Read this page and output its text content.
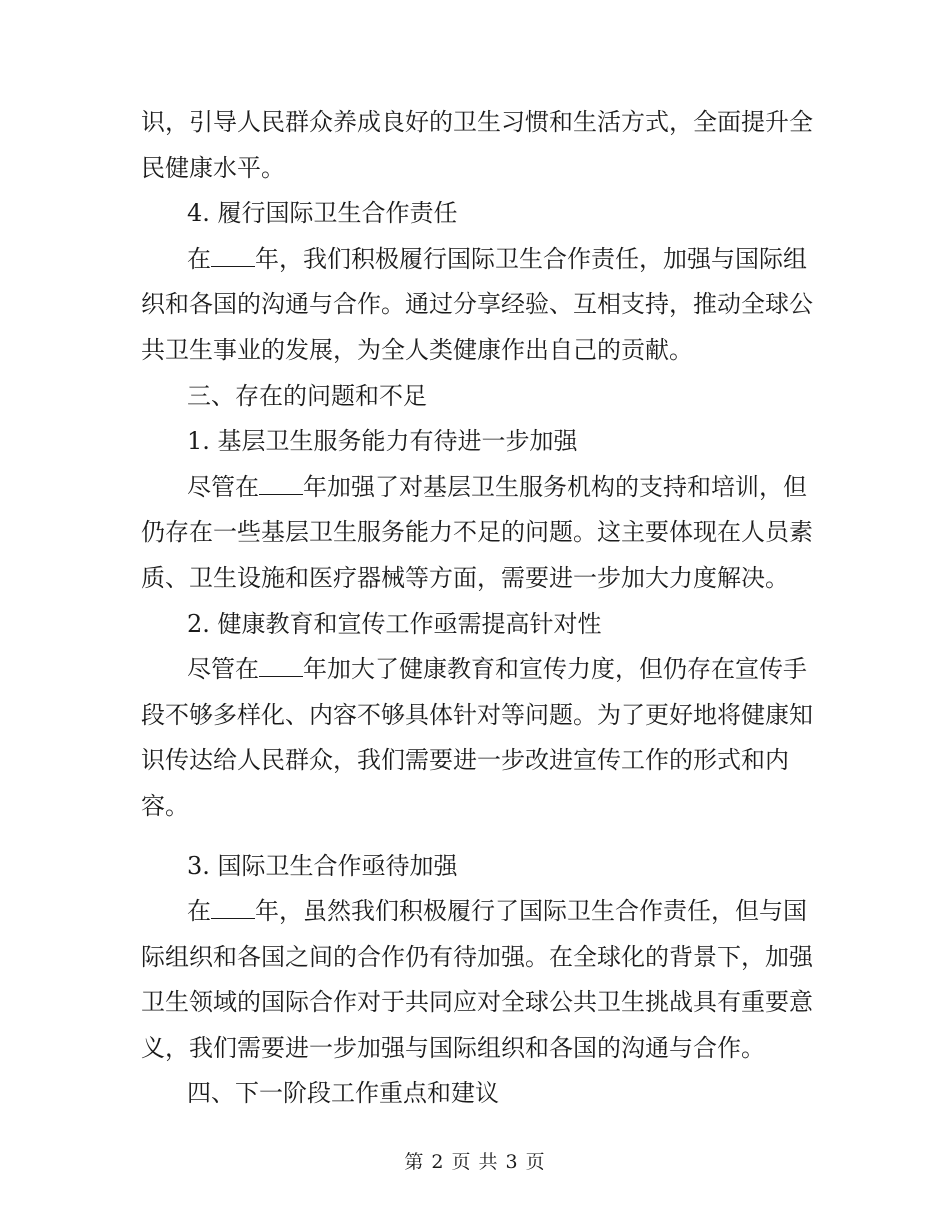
识，引导人民群众养成良好的卫生习惯和生活方式，全面提升全
民健康水平。
4. 履行国际卫生合作责任
在 年，我们积极履行国际卫生合作责任，加强与国际组
织和各国的沟通与合作。通过分享经验、互相支持，推动全球公
共卫生事业的发展，为全人类健康作出自己的贡献。
三、存在的问题和不足
1. 基层卫生服务能力有待进一步加强
尽管在 年加强了对基层卫生服务机构的支持和培训，但
仍存在一些基层卫生服务能力不足的问题。这主要体现在人员素
质、卫生设施和医疗器械等方面，需要进一步加大力度解决。
2. 健康教育和宣传工作亟需提高针对性
尽管在 年加大了健康教育和宣传力度，但仍存在宣传手
段不够多样化、内容不够具体针对等问题。为了更好地将健康知
识传达给人民群众，我们需要进一步改进宣传工作的形式和内
容。
3. 国际卫生合作亟待加强
在 年，虽然我们积极履行了国际卫生合作责任，但与国
际组织和各国之间的合作仍有待加强。在全球化的背景下，加强
卫生领域的国际合作对于共同应对全球公共卫生挑战具有重要意
义，我们需要进一步加强与国际组织和各国的沟通与合作。
四、下一阶段工作重点和建议
第 2 页 共 3 页
